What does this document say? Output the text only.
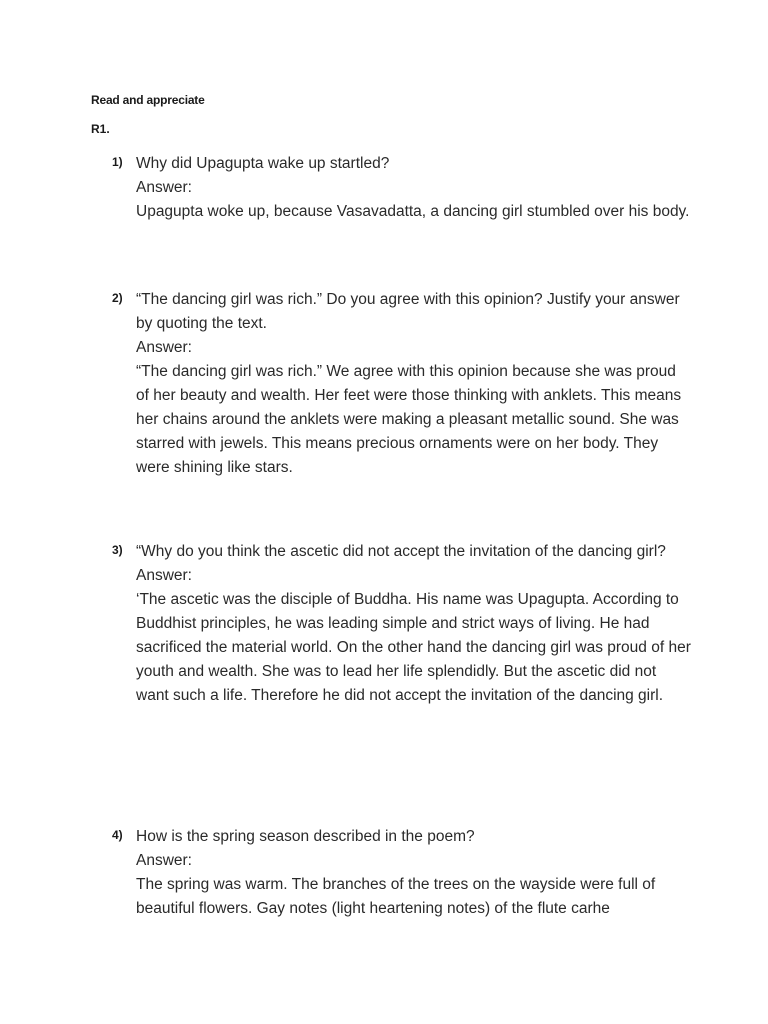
Read and appreciate
R1.
1) Why did Upagupta wake up startled?
Answer:
Upagupta woke up, because Vasavadatta, a dancing girl stumbled over his body.
2) “The dancing girl was rich.” Do you agree with this opinion? Justify your answer by quoting the text.
Answer:
“The dancing girl was rich.” We agree with this opinion because she was proud of her beauty and wealth. Her feet were those thinking with anklets. This means her chains around the anklets were making a pleasant metallic sound. She was starred with jewels. This means precious ornaments were on her body. They were shining like stars.
3) “Why do you think the ascetic did not accept the invitation of the dancing girl?
Answer:
‘The ascetic was the disciple of Buddha. His name was Upagupta. According to Buddhist principles, he was leading simple and strict ways of living. He had sacrificed the material world. On the other hand the dancing girl was proud of her youth and wealth. She was to lead her life splendidly. But the ascetic did not want such a life. Therefore he did not accept the invitation of the dancing girl.
4) How is the spring season described in the poem?
Answer:
The spring was warm. The branches of the trees on the wayside were full of beautiful flowers. Gay notes (light heartening notes) of the flute carhe
